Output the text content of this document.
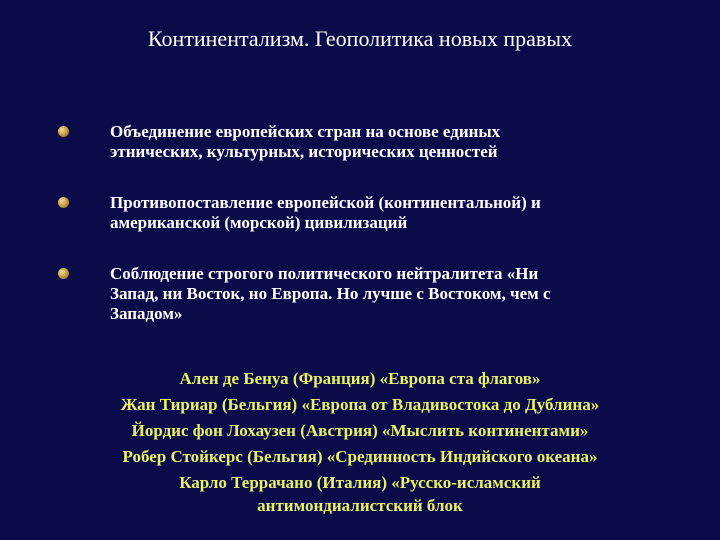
Континентализм. Геополитика новых правых
Объединение европейских стран на основе единых
этнических, культурных, исторических ценностей
Противопоставление европейской (континентальной) и
американской (морской) цивилизаций
Соблюдение строгого политического нейтралитета «Ни
Запад, ни Восток, но Европа. Но лучше с Востоком, чем с
Западом»
Ален де Бенуа (Франция) «Европа ста флагов»
Жан Тириар (Бельгия) «Европа от Владивостока до Дублина»
Йордис фон Лохаузен (Австрия) «Мыслить континентами»
Робер Стойкерс (Бельгия) «Срединность Индийского океана»
Карло Террачано (Италия) «Русско-исламский
антимондиалистский блок
